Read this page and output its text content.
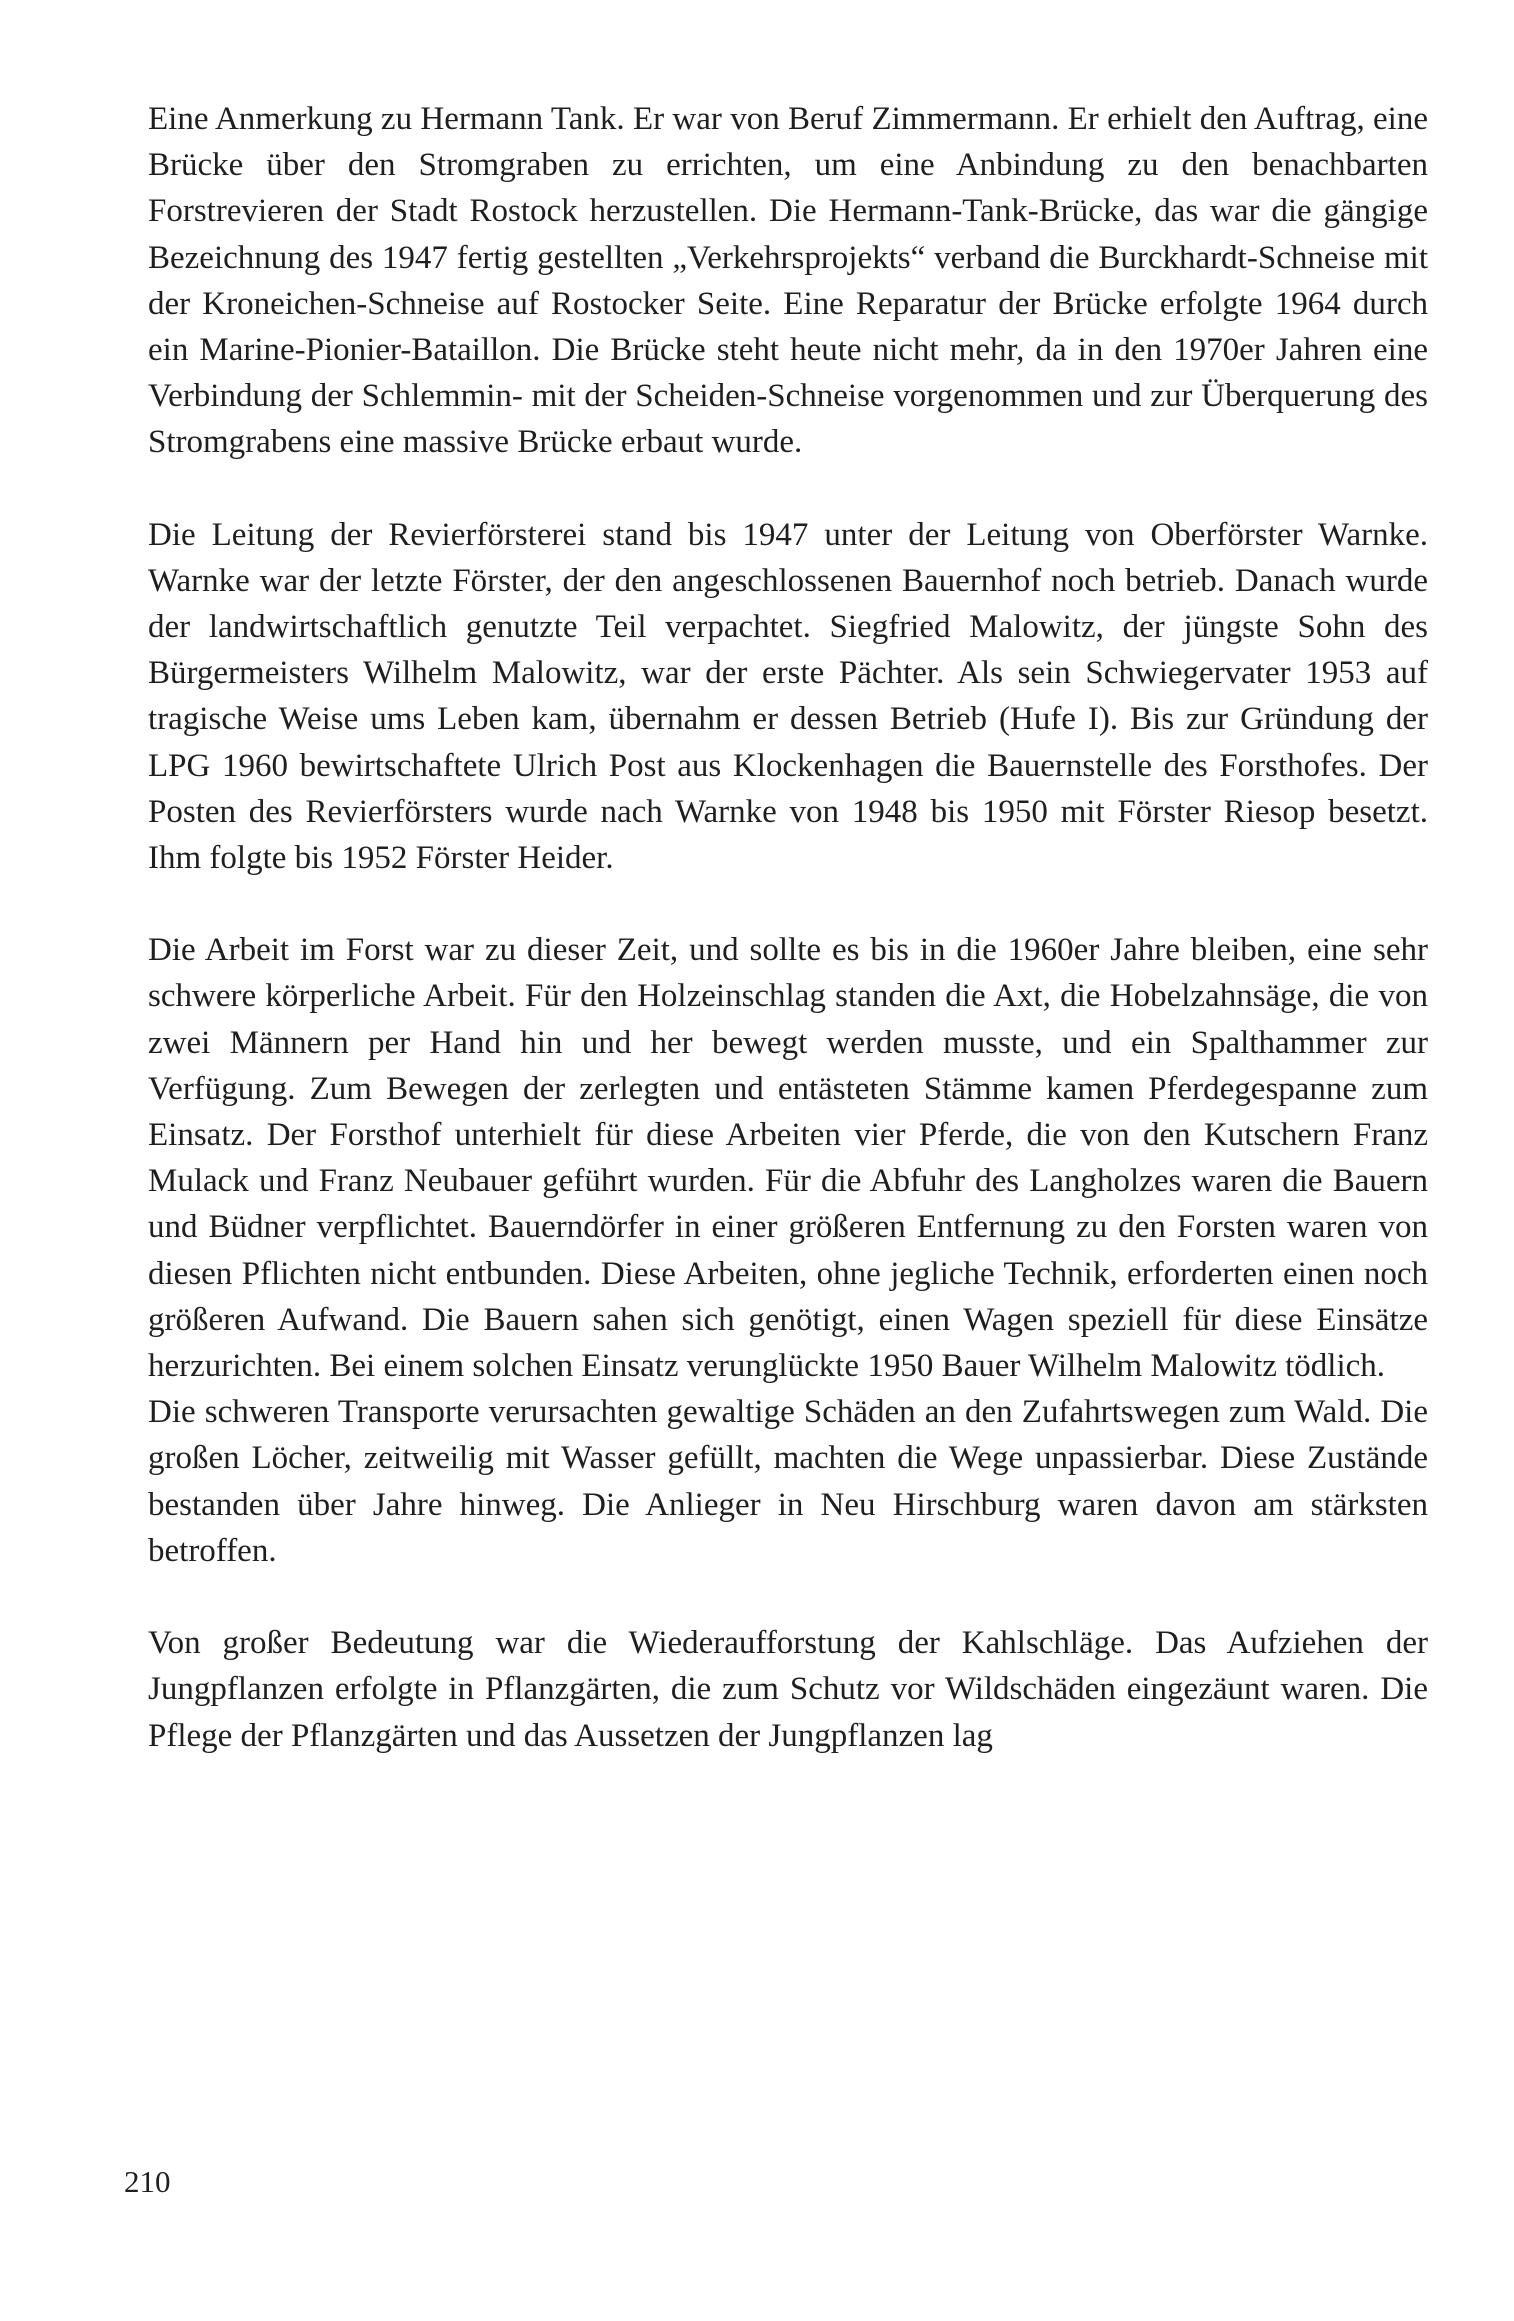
Eine Anmerkung zu Hermann Tank. Er war von Beruf Zimmermann. Er erhielt den Auftrag, eine Brücke über den Stromgraben zu errichten, um eine Anbindung zu den benachbarten Forstrevieren der Stadt Rostock herzustellen. Die Hermann-Tank-Brücke, das war die gängige Bezeichnung des 1947 fertig gestellten „Verkehrsprojekts“ verband die Burckhardt-Schneise mit der Kroneichen-Schneise auf Rostocker Seite. Eine Reparatur der Brücke erfolgte 1964 durch ein Marine-Pionier-Bataillon. Die Brücke steht heute nicht mehr, da in den 1970er Jahren eine Verbindung der Schlemmin- mit der Scheiden-Schneise vorgenommen und zur Überquerung des Stromgrabens eine massive Brücke erbaut wurde.

Die Leitung der Revierförsterei stand bis 1947 unter der Leitung von Oberförster Warnke. Warnke war der letzte Förster, der den angeschlossenen Bauernhof noch betrieb. Danach wurde der landwirtschaftlich genutzte Teil verpachtet. Siegfried Malowitz, der jüngste Sohn des Bürgermeisters Wilhelm Malowitz, war der erste Pächter. Als sein Schwiegervater 1953 auf tragische Weise ums Leben kam, übernahm er dessen Betrieb (Hufe I). Bis zur Gründung der LPG 1960 bewirtschaftete Ulrich Post aus Klockenhagen die Bauernstelle des Forsthofes. Der Posten des Revierförsters wurde nach Warnke von 1948 bis 1950 mit Förster Riesop besetzt. Ihm folgte bis 1952 Förster Heider.

Die Arbeit im Forst war zu dieser Zeit, und sollte es bis in die 1960er Jahre bleiben, eine sehr schwere körperliche Arbeit. Für den Holzeinschlag standen die Axt, die Hobelzahnsäge, die von zwei Männern per Hand hin und her bewegt werden musste, und ein Spalthammer zur Verfügung. Zum Bewegen der zerlegten und entästeten Stämme kamen Pferdegespanne zum Einsatz. Der Forsthof unterhielt für diese Arbeiten vier Pferde, die von den Kutschern Franz Mulack und Franz Neubauer geführt wurden. Für die Abfuhr des Langholzes waren die Bauern und Büdner verpflichtet. Bauerndörfer in einer größeren Entfernung zu den Forsten waren von diesen Pflichten nicht entbunden. Diese Arbeiten, ohne jegliche Technik, erforderten einen noch größeren Aufwand. Die Bauern sahen sich genötigt, einen Wagen speziell für diese Einsätze herzurichten. Bei einem solchen Einsatz verunglückte 1950 Bauer Wilhelm Malowitz tödlich.

Die schweren Transporte verursachten gewaltige Schäden an den Zufahrtswegen zum Wald. Die großen Löcher, zeitweilig mit Wasser gefüllt, machten die Wege unpassierbar. Diese Zustände bestanden über Jahre hinweg. Die Anlieger in Neu Hirschburg waren davon am stärksten betroffen.

Von großer Bedeutung war die Wiederaufforstung der Kahlschläge. Das Aufziehen der Jungpflanzen erfolgte in Pflanzgärten, die zum Schutz vor Wildschäden eingezäunt waren. Die Pflege der Pflanzgärten und das Aussetzen der Jungpflanzen lag

210
